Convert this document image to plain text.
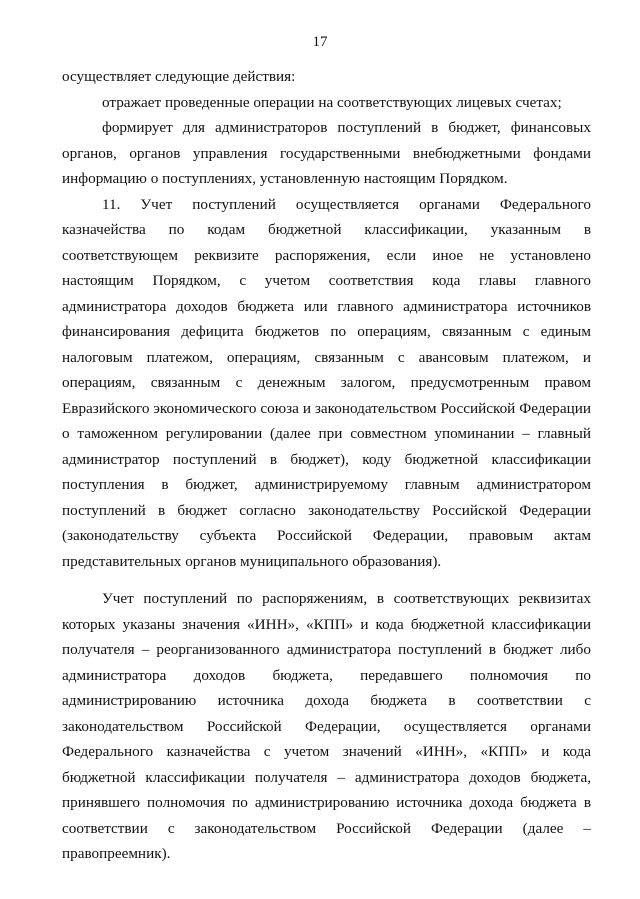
17

осуществляет следующие действия:

отражает проведенные операции на соответствующих лицевых счетах;

формирует для администраторов поступлений в бюджет, финансовых органов, органов управления государственными внебюджетными фондами информацию о поступлениях, установленную настоящим Порядком.

11. Учет поступлений осуществляется органами Федерального казначейства по кодам бюджетной классификации, указанным в соответствующем реквизите распоряжения, если иное не установлено настоящим Порядком, с учетом соответствия кода главы главного администратора доходов бюджета или главного администратора источников финансирования дефицита бюджетов по операциям, связанным с единым налоговым платежом, операциям, связанным с авансовым платежом, и операциям, связанным с денежным залогом, предусмотренным правом Евразийского экономического союза и законодательством Российской Федерации о таможенном регулировании (далее при совместном упоминании – главный администратор поступлений в бюджет), коду бюджетной классификации поступления в бюджет, администрируемому главным администратором поступлений в бюджет согласно законодательству Российской Федерации (законодательству субъекта Российской Федерации, правовым актам представительных органов муниципального образования).

Учет поступлений по распоряжениям, в соответствующих реквизитах которых указаны значения «ИНН», «КПП» и кода бюджетной классификации получателя – реорганизованного администратора поступлений в бюджет либо администратора доходов бюджета, передавшего полномочия по администрированию источника дохода бюджета в соответствии с законодательством Российской Федерации, осуществляется органами Федерального казначейства с учетом значений «ИНН», «КПП» и кода бюджетной классификации получателя – администратора доходов бюджета, принявшего полномочия по администрированию источника дохода бюджета в соответствии с законодательством Российской Федерации (далее – правопреемник).
